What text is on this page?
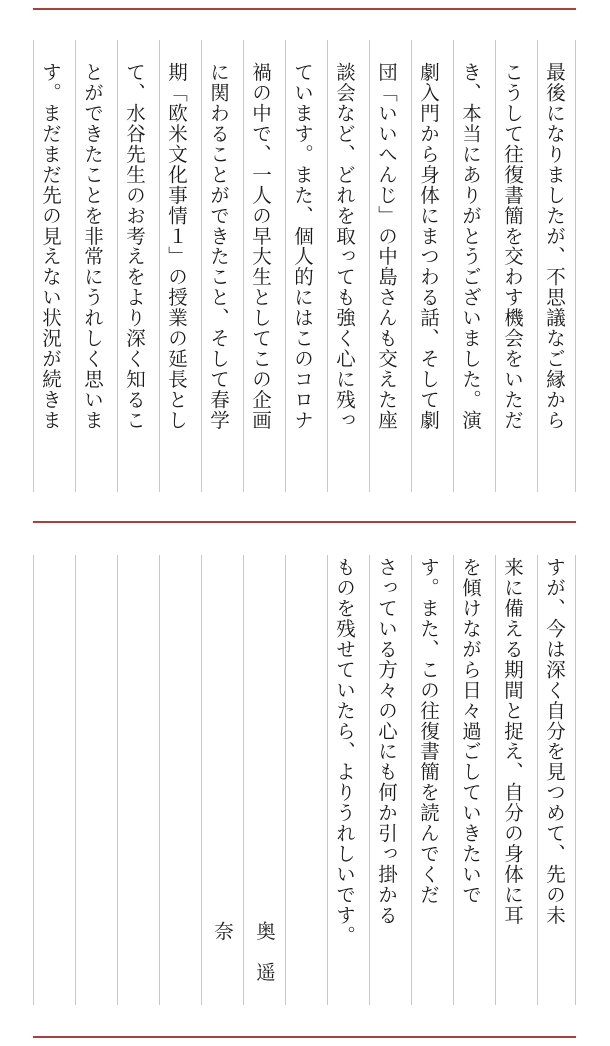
最後になりましたが、不思議なご縁から
こうして往復書簡を交わす機会をいただ
き、本当にありがとうございました。演
劇入門から身体にまつわる話、そして劇
団「いいへんじ」の中島さんも交えた座
談会など、どれを取っても強く心に残っ
ています。また、個人的にはこのコロナ
禍の中で、一人の早大生としてこの企画
に関わることができたこと、そして春学
期「欧米文化事情１」の授業の延長とし
て、水谷先生のお考えをより深く知るこ
とができたことを非常にうれしく思いま
す。まだまだ先の見えない状況が続きま
すが、今は深く自分を見つめて、先の未
来に備える期間と捉え、自分の身体に耳
を傾けながら日々過ごしていきたいで
す。また、この往復書簡を読んでくだ
さっている方々の心にも何か引っ掛かる
ものを残せていたら、よりうれしいです。
奥　遥奈
